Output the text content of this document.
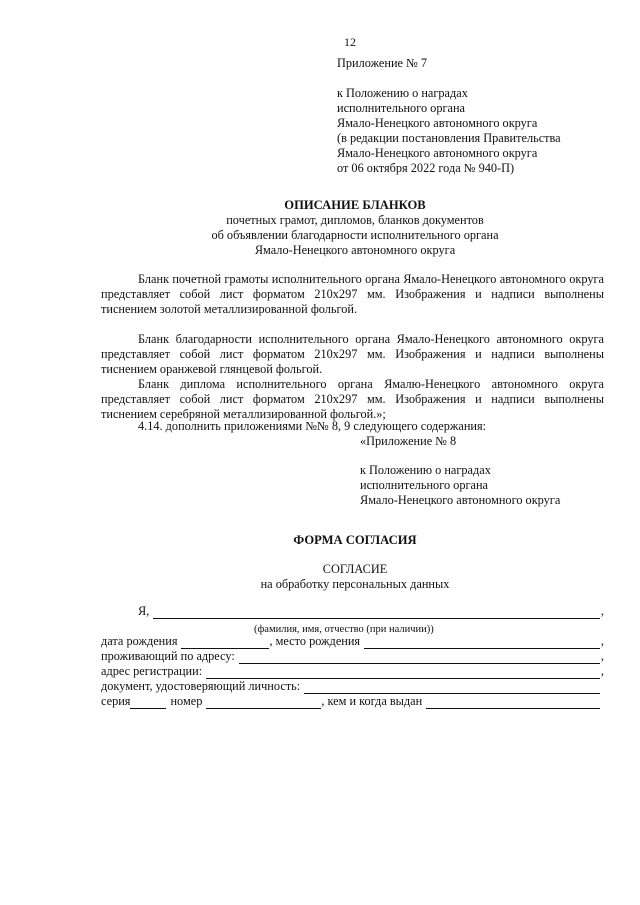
12
Приложение № 7
к Положению о наградах
исполнительного органа
Ямало-Ненецкого автономного округа
(в редакции постановления Правительства
Ямало-Ненецкого автономного округа
от 06 октября 2022 года № 940-П)
ОПИСАНИЕ БЛАНКОВ
почетных грамот, дипломов, бланков документов
об объявлении благодарности исполнительного органа
Ямало-Ненецкого автономного округа
Бланк почетной грамоты исполнительного органа Ямало-Ненецкого автономного округа представляет собой лист форматом 210х297 мм. Изображения и надписи выполнены тиснением золотой металлизированной фольгой.
Бланк благодарности исполнительного органа Ямало-Ненецкого автономного округа представляет собой лист форматом 210х297 мм. Изображения и надписи выполнены тиснением оранжевой глянцевой фольгой.
Бланк диплома исполнительного органа Ямалю-Ненецкого автономного округа представляет собой лист форматом 210х297 мм. Изображения и надписи выполнены тиснением серебряной металлизированной фольгой.»;
4.14. дополнить приложениями №№ 8, 9 следующего содержания:
«Приложение № 8
к Положению о наградах
исполнительного органа
Ямало-Ненецкого автономного округа
ФОРМА СОГЛАСИЯ
СОГЛАСИЕ
на обработку персональных данных
Я,	,
(фамилия, имя, отчество (при наличии))
дата рождения	, место рождения	,
проживающий по адресу:	,
адрес регистрации:	,
документ, удостоверяющий личность:

серия	номер	, кем и когда выдан
